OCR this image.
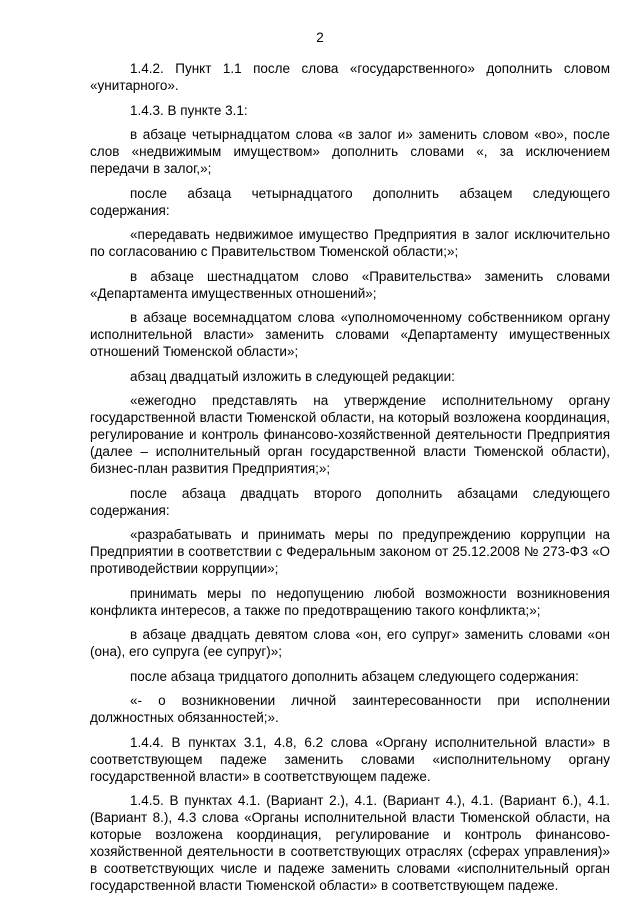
2

1.4.2. Пункт 1.1 после слова «государственного» дополнить словом «унитарного».

1.4.3. В пункте 3.1:

в абзаце четырнадцатом слова «в залог и» заменить словом «во», после слов «недвижимым имуществом» дополнить словами «, за исключением передачи в залог,»;

после абзаца четырнадцатого дополнить абзацем следующего содержания:

«передавать недвижимое имущество Предприятия в залог исключительно по согласованию с Правительством Тюменской области;»;

в абзаце шестнадцатом слово «Правительства» заменить словами «Департамента имущественных отношений»;

в абзаце восемнадцатом слова «уполномоченному собственником органу исполнительной власти» заменить словами «Департаменту имущественных отношений Тюменской области»;

абзац двадцатый изложить в следующей редакции:

«ежегодно представлять на утверждение исполнительному органу государственной власти Тюменской области, на который возложена координация, регулирование и контроль финансово-хозяйственной деятельности Предприятия (далее – исполнительный орган государственной власти Тюменской области), бизнес-план развития Предприятия;»;

после абзаца двадцать второго дополнить абзацами следующего содержания:

«разрабатывать и принимать меры по предупреждению коррупции на Предприятии в соответствии с Федеральным законом от 25.12.2008 № 273-ФЗ «О противодействии коррупции»;

принимать меры по недопущению любой возможности возникновения конфликта интересов, а также по предотвращению такого конфликта;»;

в абзаце двадцать девятом слова «он, его супруг» заменить словами «он (она), его супруга (ее супруг)»;

после абзаца тридцатого дополнить абзацем следующего содержания:

«- о возникновении личной заинтересованности при исполнении должностных обязанностей;».

1.4.4. В пунктах 3.1, 4.8, 6.2 слова «Органу исполнительной власти» в соответствующем падеже заменить словами «исполнительному органу государственной власти» в соответствующем падеже.

1.4.5. В пунктах 4.1. (Вариант 2.), 4.1. (Вариант 4.), 4.1. (Вариант 6.), 4.1. (Вариант 8.), 4.3 слова «Органы исполнительной власти Тюменской области, на которые возложена координация, регулирование и контроль финансово-хозяйственной деятельности в соответствующих отраслях (сферах управления)» в соответствующих числе и падеже заменить словами «исполнительный орган государственной власти Тюменской области» в соответствующем падеже.
